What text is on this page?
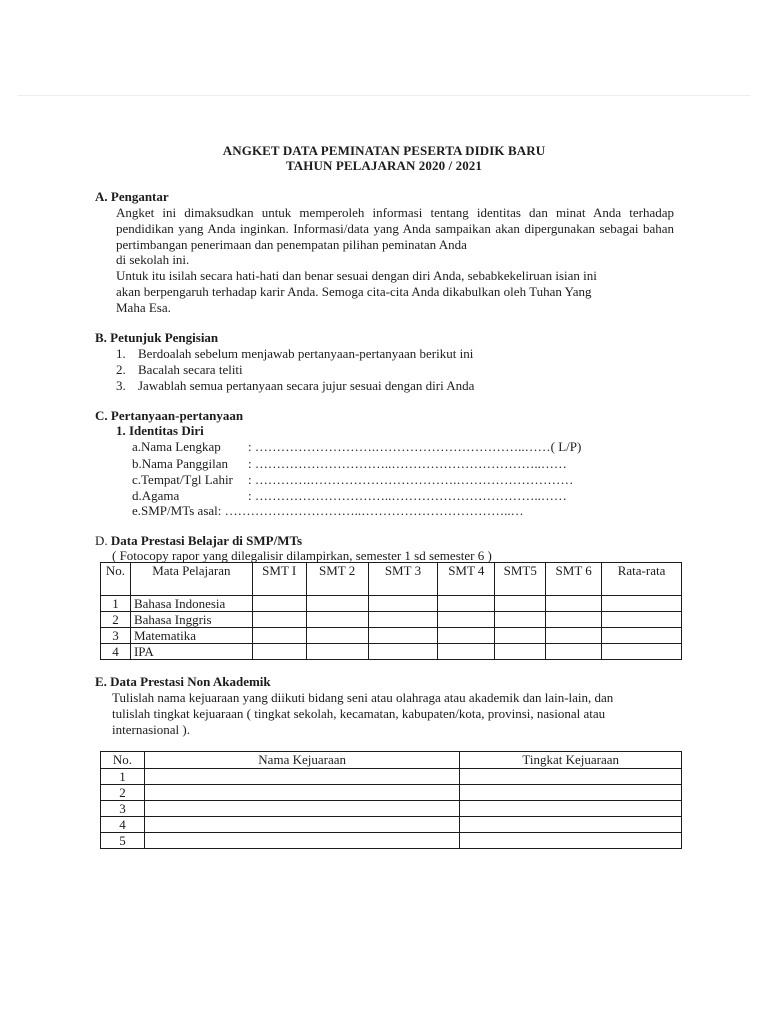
ANGKET DATA PEMINATAN PESERTA DIDIK BARU
TAHUN PELAJARAN 2020 / 2021
A. Pengantar
Angket ini dimaksudkan untuk memperoleh informasi tentang identitas dan minat Anda terhadap pendidikan yang Anda inginkan. Informasi/data yang Anda sampaikan akan dipergunakan sebagai bahan pertimbangan penerimaan dan penempatan pilihan peminatan Anda
di sekolah ini.
Untuk itu isilah secara hati-hati dan benar sesuai dengan diri Anda, sebabkekeliruan isian ini
akan berpengaruh terhadap karir Anda. Semoga cita-cita Anda dikabulkan oleh Tuhan Yang
Maha Esa.
B. Petunjuk Pengisian
1. Berdoalah sebelum menjawab pertanyaan-pertanyaan berikut ini
2. Bacalah secara teliti
3. Jawablah semua pertanyaan secara jujur sesuai dengan diri Anda
C. Pertanyaan-pertanyaan
1. Identitas Diri
a.Nama Lengkap : ……………………….……………………………..……( L/P)
b.Nama Panggilan : …………………………..……………………………..……
c.Tempat/Tgl Lahir : ………….…………………………….………………………
d.Agama	: …………………………..……………………………..……
e.SMP/MTs asal: …………………………..……………………………..…
D. Data Prestasi Belajar di SMP/MTs
( Fotocopy rapor yang dilegalisir dilampirkan, semester 1 sd semester 6 )
No.	Mata Pelajaran	SMT I	SMT 2	SMT 3	SMT 4	SMT5	SMT 6	Rata-rata
1	Bahasa Indonesia							
2	Bahasa Inggris							
3	Matematika							
4	IPA							
E. Data Prestasi Non Akademik
Tulislah nama kejuaraan yang diikuti bidang seni atau olahraga atau akademik dan lain-lain, dan
tulislah tingkat kejuaraan ( tingkat sekolah, kecamatan, kabupaten/kota, provinsi, nasional atau
internasional ).
No.	Nama Kejuaraan	Tingkat Kejuaraan
1		
2		
3		
4		
5		
